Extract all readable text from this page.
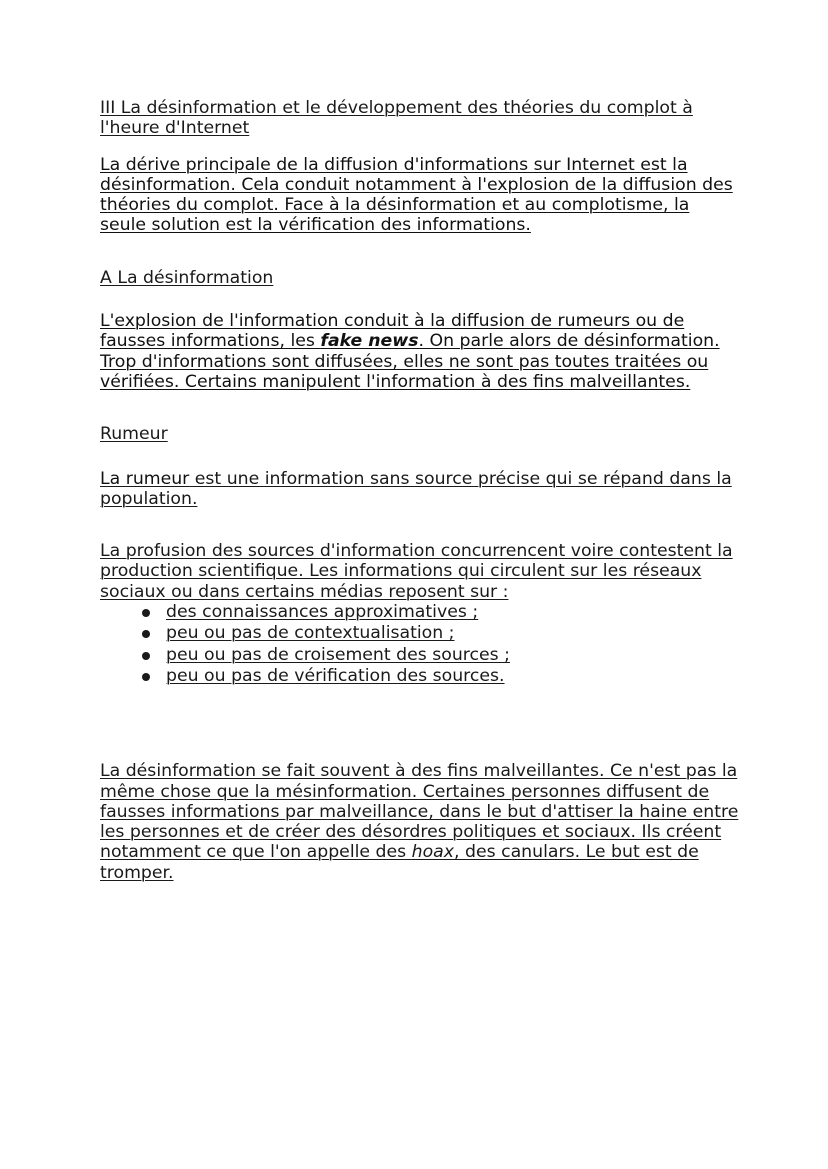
III La désinformation et le développement des théories du complot à l'heure d'Internet

La dérive principale de la diffusion d'informations sur Internet est la désinformation. Cela conduit notamment à l'explosion de la diffusion des théories du complot. Face à la désinformation et au complotisme, la seule solution est la vérification des informations.

A La désinformation

L'explosion de l'information conduit à la diffusion de rumeurs ou de fausses informations, les fake news. On parle alors de désinformation. Trop d'informations sont diffusées, elles ne sont pas toutes traitées ou vérifiées. Certains manipulent l'information à des fins malveillantes.

Rumeur

La rumeur est une information sans source précise qui se répand dans la population.

La profusion des sources d'information concurrencent voire contestent la production scientifique. Les informations qui circulent sur les réseaux sociaux ou dans certains médias reposent sur :

des connaissances approximatives ;
peu ou pas de contextualisation ;
peu ou pas de croisement des sources ;
peu ou pas de vérification des sources.

La désinformation se fait souvent à des fins malveillantes. Ce n'est pas la même chose que la mésinformation. Certaines personnes diffusent de fausses informations par malveillance, dans le but d'attiser la haine entre les personnes et de créer des désordres politiques et sociaux. Ils créent notamment ce que l'on appelle des hoax, des canulars. Le but est de tromper.
